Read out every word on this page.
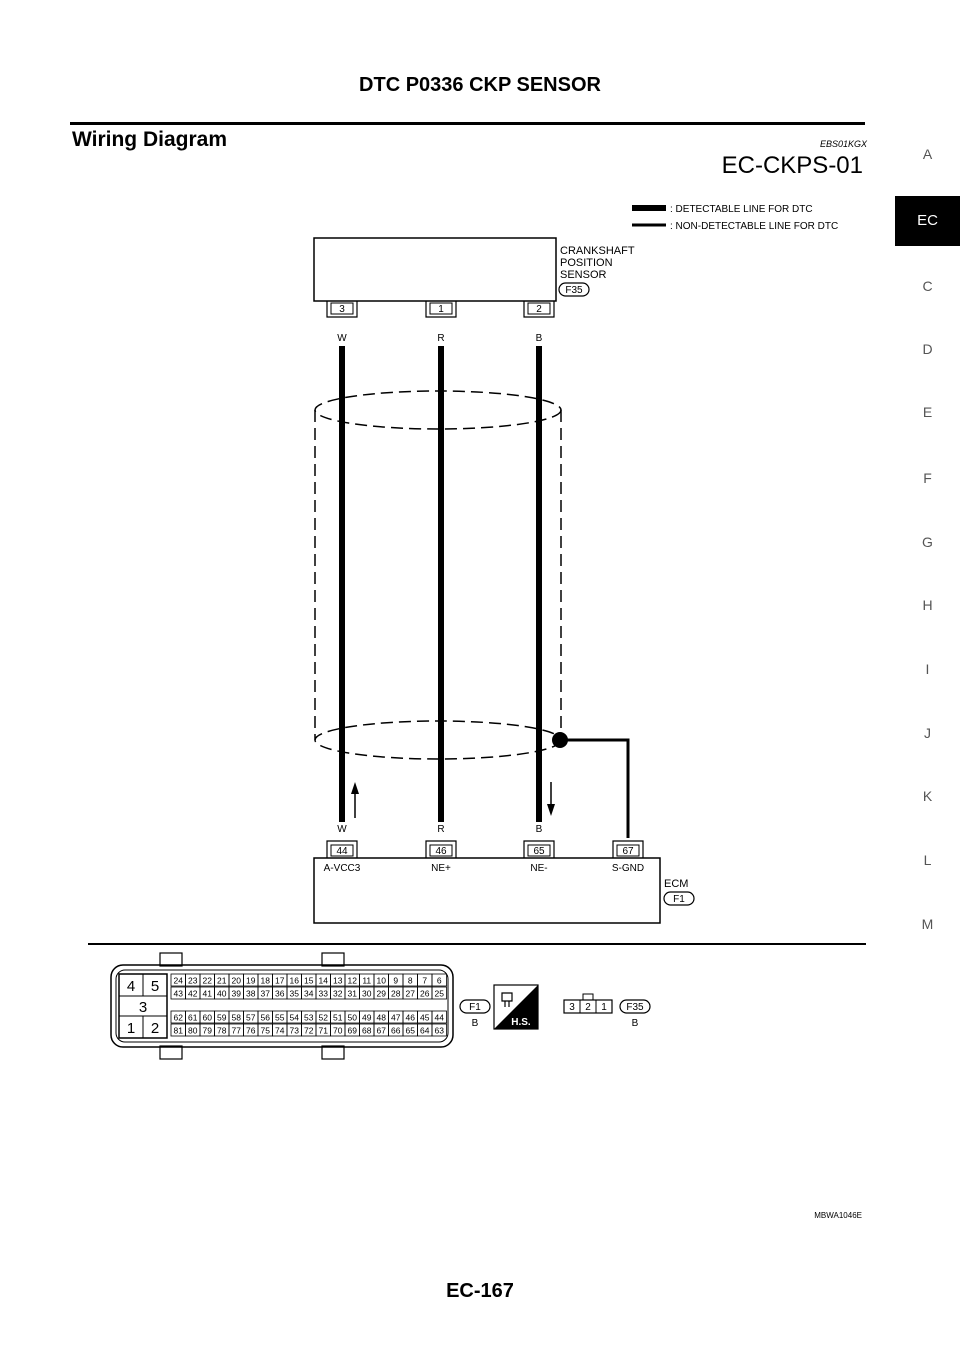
DTC P0336 CKP SENSOR
Wiring Diagram	EBS01KGX
EC-CKPS-01	A
EC
C
D
E
F
G
H
I
J
K
L
M
: DETECTABLE LINE FOR DTC
: NON-DETECTABLE LINE FOR DTC
CRANKSHAFT
POSITION
SENSOR
F35
3	1	2
W	R	B
W	R	B
44	46	65	67
A-VCC3	NE+	NE-	S-GND
ECM
F1
4 5
3
1 2
24 23 22 21 20 19 18 17 16 15 14 13 12 11 10 9 8 7 6
43 42 41 40 39 38 37 36 35 34 33 32 31 30 29 28 27 26 25
62 61 60 59 58 57 56 55 54 53 52 51 50 49 48 47 46 45 44
81 80 79 78 77 76 75 74 73 72 71 70 69 68 67 66 65 64 63
F1
B	H.S.
3 2 1 F35
B
MBWA1046E
EC-167
